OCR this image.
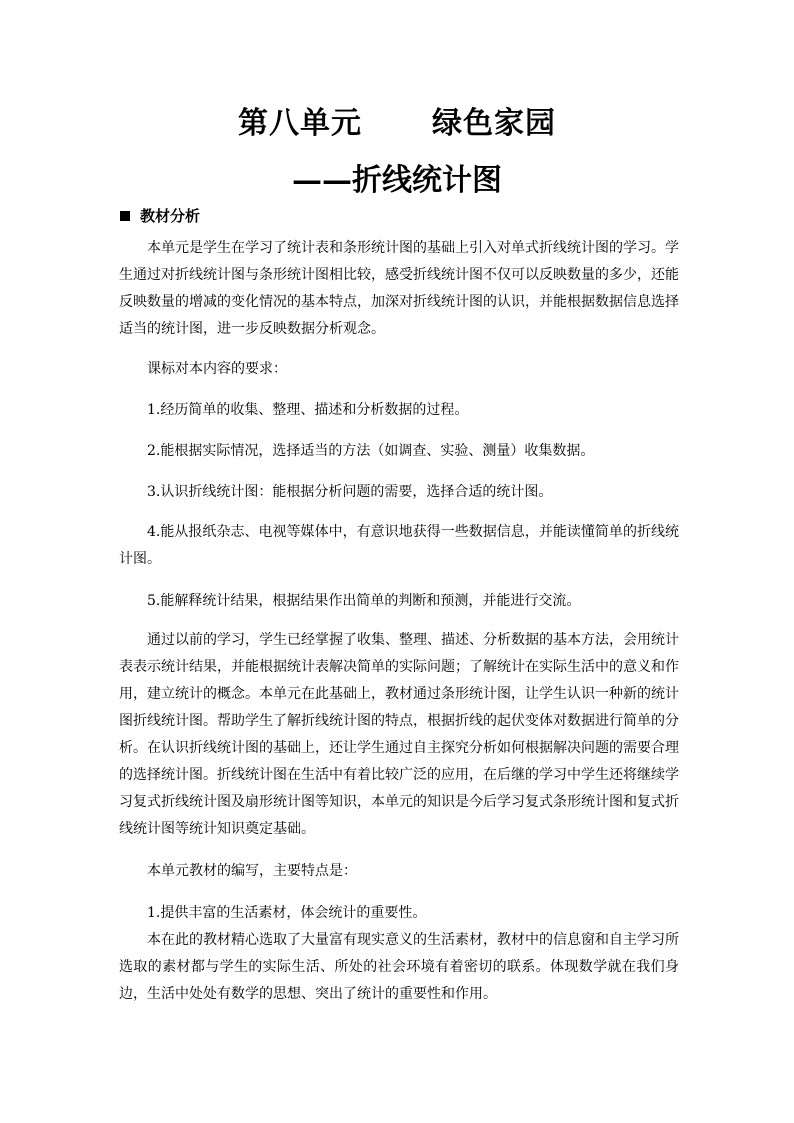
第八单元 绿色家园
——折线统计图
教材分析
本单元是学生在学习了统计表和条形统计图的基础上引入对单式折线统计图的学习。学生通过对折线统计图与条形统计图相比较，感受折线统计图不仅可以反映数量的多少，还能反映数量的增减的变化情况的基本特点，加深对折线统计图的认识，并能根据数据信息选择适当的统计图，进一步反映数据分析观念。
课标对本内容的要求：
1.经历简单的收集、整理、描述和分析数据的过程。
2.能根据实际情况，选择适当的方法（如调查、实验、测量）收集数据。
3.认识折线统计图：能根据分析问题的需要，选择合适的统计图。
4.能从报纸杂志、电视等媒体中，有意识地获得一些数据信息，并能读懂简单的折线统计图。
5.能解释统计结果，根据结果作出简单的判断和预测，并能进行交流。
通过以前的学习，学生已经掌握了收集、整理、描述、分析数据的基本方法，会用统计表表示统计结果，并能根据统计表解决简单的实际问题；了解统计在实际生活中的意义和作用，建立统计的概念。本单元在此基础上，教材通过条形统计图，让学生认识一种新的统计图折线统计图。帮助学生了解折线统计图的特点，根据折线的起伏变体对数据进行简单的分析。在认识折线统计图的基础上，还让学生通过自主探究分析如何根据解决问题的需要合理的选择统计图。折线统计图在生活中有着比较广泛的应用，在后继的学习中学生还将继续学习复式折线统计图及扇形统计图等知识，本单元的知识是今后学习复式条形统计图和复式折线统计图等统计知识奠定基础。
本单元教材的编写，主要特点是：
1.提供丰富的生活素材，体会统计的重要性。
本在此的教材精心选取了大量富有现实意义的生活素材，教材中的信息窗和自主学习所选取的素材都与学生的实际生活、所处的社会环境有着密切的联系。体现数学就在我们身边，生活中处处有数学的思想、突出了统计的重要性和作用。
